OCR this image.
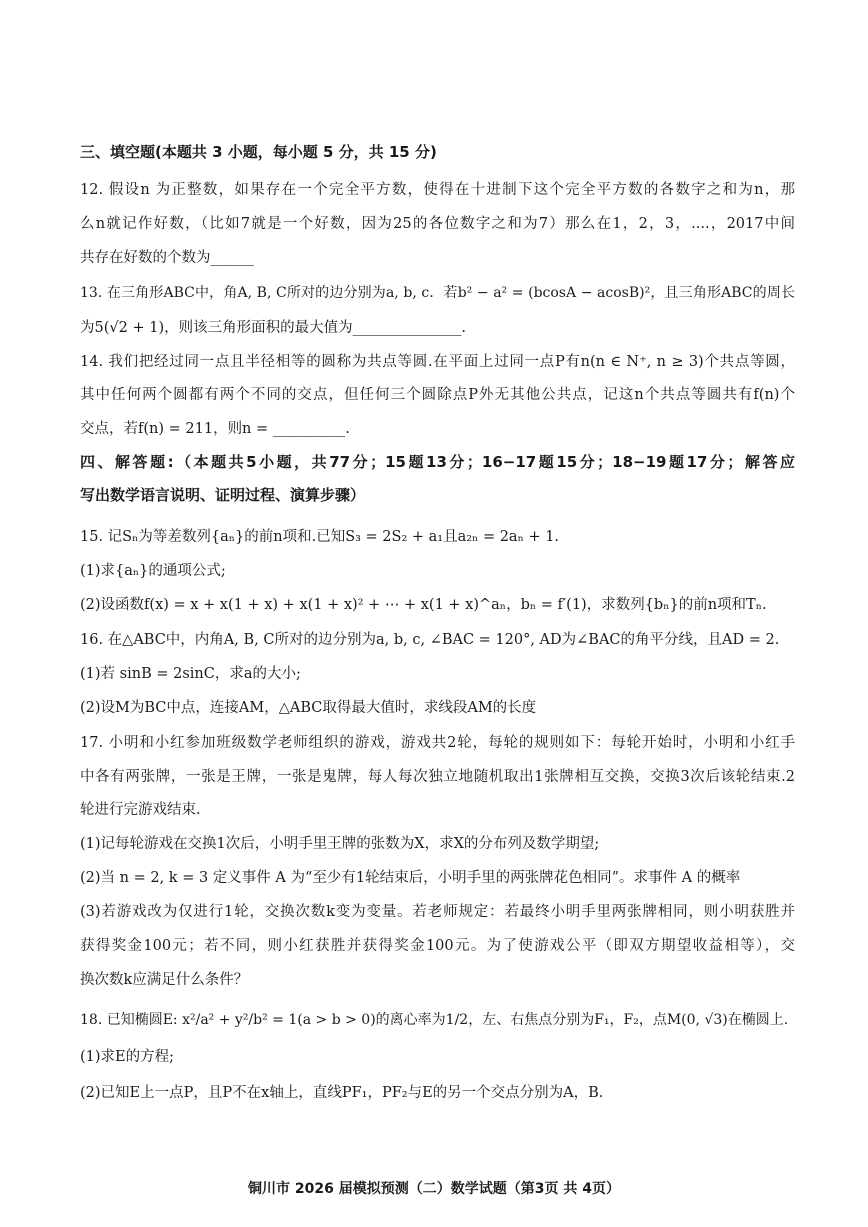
三、填空题(本题共 3 小题，每小题 5 分，共 15 分)
12. 假设n 为正整数，如果存在一个完全平方数，使得在十进制下这个完全平方数的各数字之和为n，那
么n就记作好数，（比如7就是一个好数，因为25的各位数字之和为7）那么在1，2，3，....，2017中间
共存在好数的个数为______
13. 在三角形ABC中，角A, B, C所对的边分别为a, b, c．若b² − a² = (bcosA − acosB)²，且三角形ABC的周长
为5(√2 + 1)，则该三角形面积的最大值为_______________.
14. 我们把经过同一点且半径相等的圆称为共点等圆.在平面上过同一点P有n(n ∈ N⁺, n ≥ 3)个共点等圆，
其中任何两个圆都有两个不同的交点，但任何三个圆除点P外无其他公共点，记这n个共点等圆共有f(n)个
交点，若f(n) = 211，则n = __________.
四、解答题:（本题共5小题，共77分；15题13分；16−17题15分；18−19题17分；解答应
写出数学语言说明、证明过程、演算步骤）
15. 记Sₙ为等差数列{aₙ}的前n项和.已知S₃ = 2S₂ + a₁且a₂ₙ = 2aₙ + 1.
(1)求{aₙ}的通项公式;
(2)设函数f(x) = x + x(1 + x) + x(1 + x)² + ⋯ + x(1 + x)^aₙ，bₙ = f′(1)，求数列{bₙ}的前n项和Tₙ.
16. 在△ABC中，内角A, B, C所对的边分别为a, b, c, ∠BAC = 120°, AD为∠BAC的角平分线，且AD = 2.
(1)若 sinB = 2sinC，求a的大小;
(2)设M为BC中点，连接AM，△ABC取得最大值时，求线段AM的长度
17. 小明和小红参加班级数学老师组织的游戏，游戏共2轮，每轮的规则如下：每轮开始时，小明和小红手
中各有两张牌，一张是王牌，一张是鬼牌，每人每次独立地随机取出1张牌相互交换，交换3次后该轮结束.2
轮进行完游戏结束.
(1)记每轮游戏在交换1次后，小明手里王牌的张数为X，求X的分布列及数学期望;
(2)当 n = 2, k = 3 定义事件 A 为“至少有1轮结束后，小明手里的两张牌花色相同”。求事件 A 的概率
(3)若游戏改为仅进行1轮，交换次数k变为变量。若老师规定：若最终小明手里两张牌相同，则小明获胜并
获得奖金100元；若不同，则小红获胜并获得奖金100元。为了使游戏公平（即双方期望收益相等），交
换次数k应满足什么条件？
18. 已知椭圆E: x²/a² + y²/b² = 1(a > b > 0)的离心率为1/2，左、右焦点分别为F₁，F₂，点M(0, √3)在椭圆上.
(1)求E的方程;
(2)已知E上一点P，且P不在x轴上，直线PF₁，PF₂与E的另一个交点分别为A，B.
铜川市 2026 届模拟预测（二）数学试题（第3页 共 4页）
